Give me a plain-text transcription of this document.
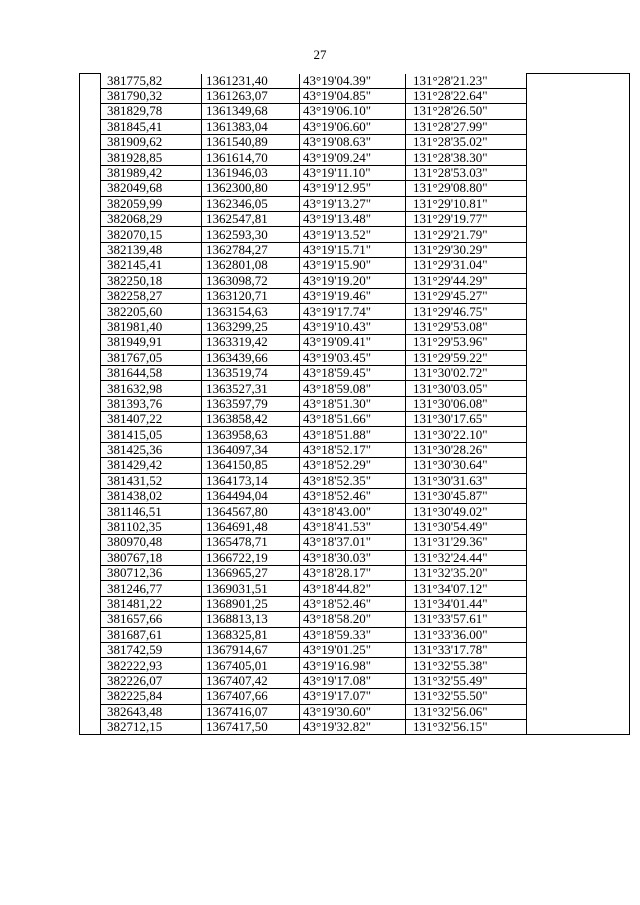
27
	381775,82	1361231,40	43°19'04.39"	131°28'21.23"	
	381790,32	1361263,07	43°19'04.85"	131°28'22.64"	
	381829,78	1361349,68	43°19'06.10"	131°28'26.50"	
	381845,41	1361383,04	43°19'06.60"	131°28'27.99"	
	381909,62	1361540,89	43°19'08.63"	131°28'35.02"	
	381928,85	1361614,70	43°19'09.24"	131°28'38.30"	
	381989,42	1361946,03	43°19'11.10"	131°28'53.03"	
	382049,68	1362300,80	43°19'12.95"	131°29'08.80"	
	382059,99	1362346,05	43°19'13.27"	131°29'10.81"	
	382068,29	1362547,81	43°19'13.48"	131°29'19.77"	
	382070,15	1362593,30	43°19'13.52"	131°29'21.79"	
	382139,48	1362784,27	43°19'15.71"	131°29'30.29"	
	382145,41	1362801,08	43°19'15.90"	131°29'31.04"	
	382250,18	1363098,72	43°19'19.20"	131°29'44.29"	
	382258,27	1363120,71	43°19'19.46"	131°29'45.27"	
	382205,60	1363154,63	43°19'17.74"	131°29'46.75"	
	381981,40	1363299,25	43°19'10.43"	131°29'53.08"	
	381949,91	1363319,42	43°19'09.41"	131°29'53.96"	
	381767,05	1363439,66	43°19'03.45"	131°29'59.22"	
	381644,58	1363519,74	43°18'59.45"	131°30'02.72"	
	381632,98	1363527,31	43°18'59.08"	131°30'03.05"	
	381393,76	1363597,79	43°18'51.30"	131°30'06.08"	
	381407,22	1363858,42	43°18'51.66"	131°30'17.65"	
	381415,05	1363958,63	43°18'51.88"	131°30'22.10"	
	381425,36	1364097,34	43°18'52.17"	131°30'28.26"	
	381429,42	1364150,85	43°18'52.29"	131°30'30.64"	
	381431,52	1364173,14	43°18'52.35"	131°30'31.63"	
	381438,02	1364494,04	43°18'52.46"	131°30'45.87"	
	381146,51	1364567,80	43°18'43.00"	131°30'49.02"	
	381102,35	1364691,48	43°18'41.53"	131°30'54.49"	
	380970,48	1365478,71	43°18'37.01"	131°31'29.36"	
	380767,18	1366722,19	43°18'30.03"	131°32'24.44"	
	380712,36	1366965,27	43°18'28.17"	131°32'35.20"	
	381246,77	1369031,51	43°18'44.82"	131°34'07.12"	
	381481,22	1368901,25	43°18'52.46"	131°34'01.44"	
	381657,66	1368813,13	43°18'58.20"	131°33'57.61"	
	381687,61	1368325,81	43°18'59.33"	131°33'36.00"	
	381742,59	1367914,67	43°19'01.25"	131°33'17.78"	
	382222,93	1367405,01	43°19'16.98"	131°32'55.38"	
	382226,07	1367407,42	43°19'17.08"	131°32'55.49"	
	382225,84	1367407,66	43°19'17.07"	131°32'55.50"	
	382643,48	1367416,07	43°19'30.60"	131°32'56.06"	
	382712,15	1367417,50	43°19'32.82"	131°32'56.15"	
